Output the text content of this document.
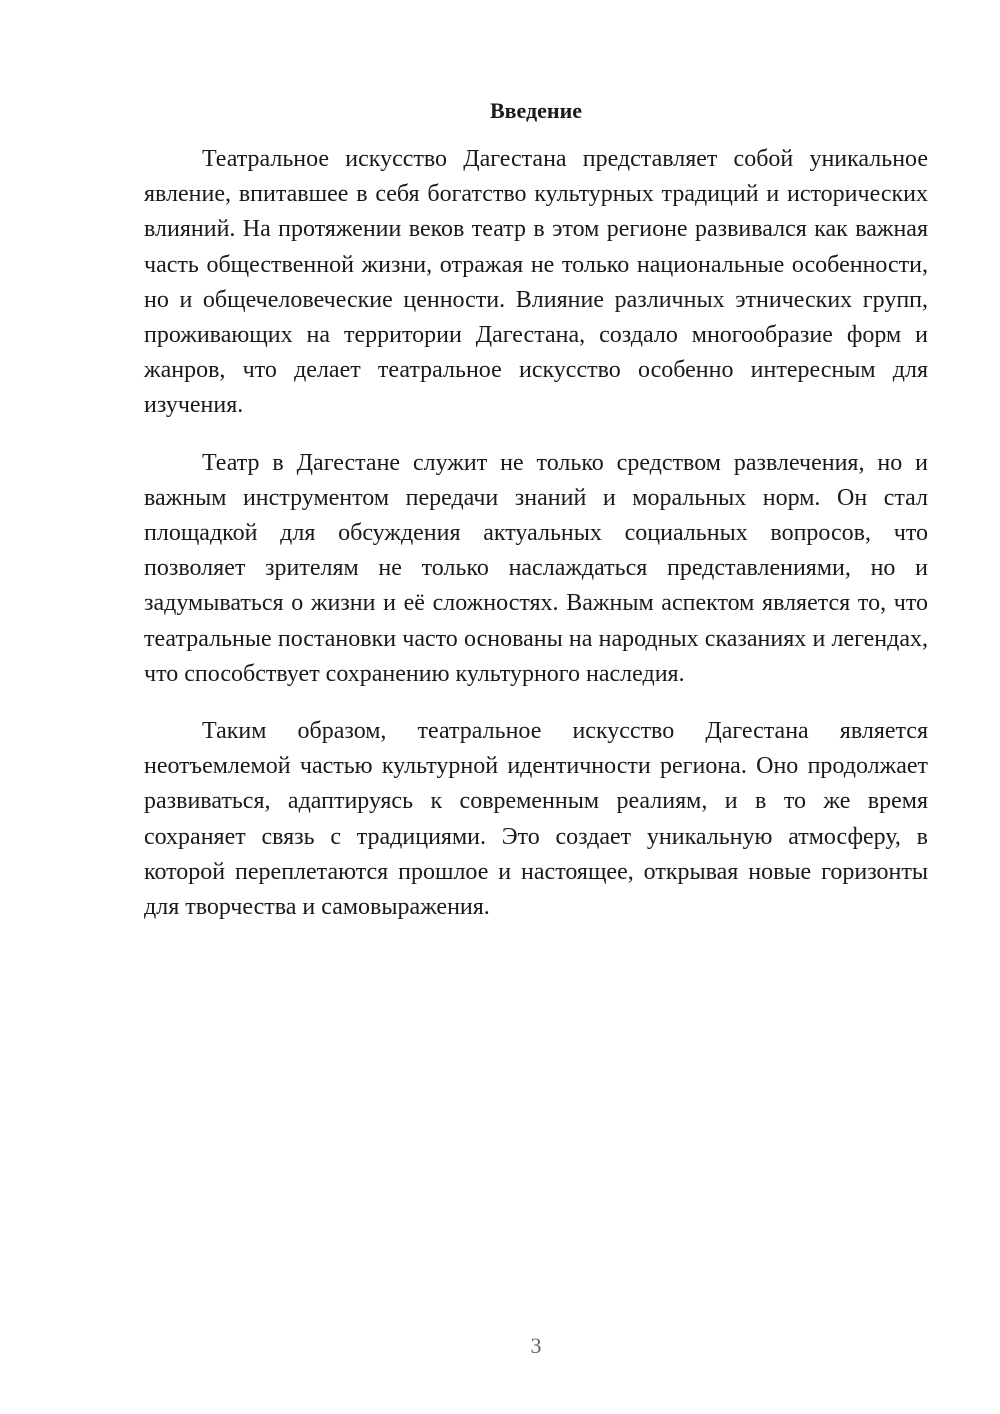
Введение

Театральное искусство Дагестана представляет собой уникальное явление, впитавшее в себя богатство культурных традиций и исторических влияний. На протяжении веков театр в этом регионе развивался как важная часть общественной жизни, отражая не только национальные особенности, но и общечеловеческие ценности. Влияние различных этнических групп, проживающих на территории Дагестана, создало многообразие форм и жанров, что делает театральное искусство особенно интересным для изучения.

Театр в Дагестане служит не только средством развлечения, но и важным инструментом передачи знаний и моральных норм. Он стал площадкой для обсуждения актуальных социальных вопросов, что позволяет зрителям не только наслаждаться представлениями, но и задумываться о жизни и её сложностях. Важным аспектом является то, что театральные постановки часто основаны на народных сказаниях и легендах, что способствует сохранению культурного наследия.

Таким образом, театральное искусство Дагестана является неотъемлемой частью культурной идентичности региона. Оно продолжает развиваться, адаптируясь к современным реалиям, и в то же время сохраняет связь с традициями. Это создает уникальную атмосферу, в которой переплетаются прошлое и настоящее, открывая новые горизонты для творчества и самовыражения.

3
